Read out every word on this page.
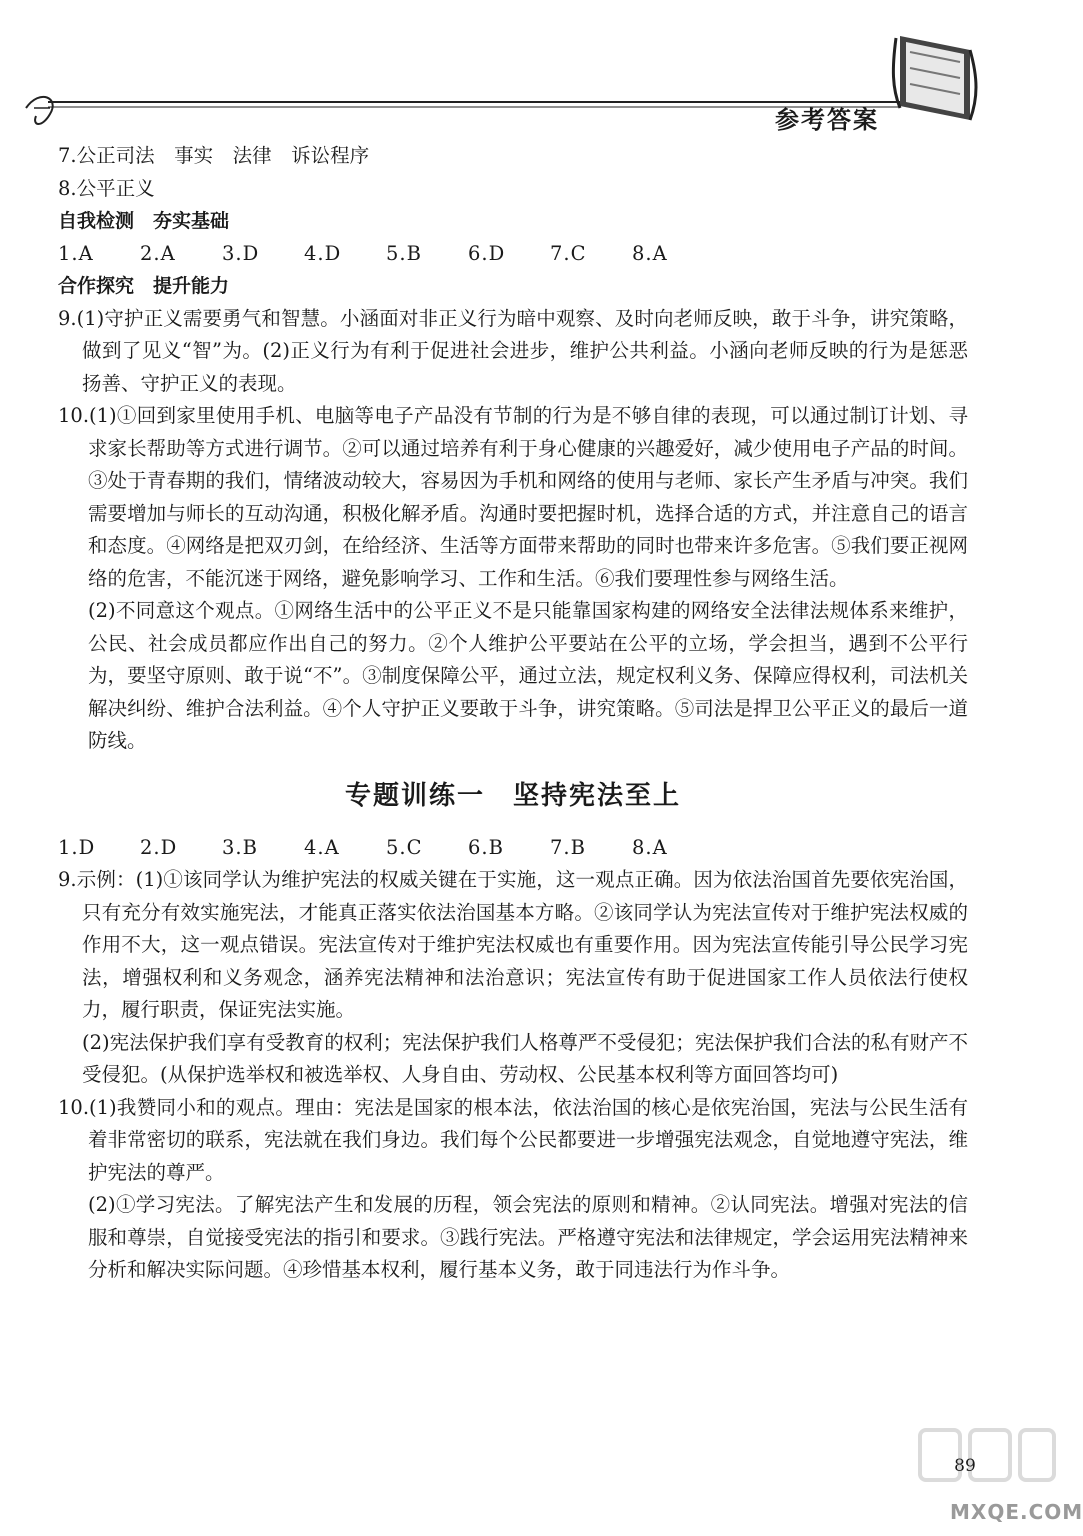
参考答案
7.公正司法　事实　法律　诉讼程序
8.公平正义
自我检测　夯实基础
1.A 2.A 3.D 4.D 5.B 6.D 7.C 8.A
合作探究　提升能力

9.(1)守护正义需要勇气和智慧。小涵面对非正义行为暗中观察、及时向老师反映，敢于斗争，讲究策略，做到了见义“智”为。(2)正义行为有利于促进社会进步，维护公共利益。小涵向老师反映的行为是惩恶扬善、守护正义的表现。

10.(1)①回到家里使用手机、电脑等电子产品没有节制的行为是不够自律的表现，可以通过制订计划、寻求家长帮助等方式进行调节。②可以通过培养有利于身心健康的兴趣爱好，减少使用电子产品的时间。③处于青春期的我们，情绪波动较大，容易因为手机和网络的使用与老师、家长产生矛盾与冲突。我们需要增加与师长的互动沟通，积极化解矛盾。沟通时要把握时机，选择合适的方式，并注意自己的语言和态度。④网络是把双刃剑，在给经济、生活等方面带来帮助的同时也带来许多危害。⑤我们要正视网络的危害，不能沉迷于网络，避免影响学习、工作和生活。⑥我们要理性参与网络生活。

(2)不同意这个观点。①网络生活中的公平正义不是只能靠国家构建的网络安全法律法规体系来维护，公民、社会成员都应作出自己的努力。②个人维护公平要站在公平的立场，学会担当，遇到不公平行为，要坚守原则、敢于说“不”。③制度保障公平，通过立法，规定权利义务、保障应得权利，司法机关解决纠纷、维护合法利益。④个人守护正义要敢于斗争，讲究策略。⑤司法是捍卫公平正义的最后一道防线。

专题训练一　坚持宪法至上
1.D 2.D 3.B 4.A 5.C 6.B 7.B 8.A

9.示例：(1)①该同学认为维护宪法的权威关键在于实施，这一观点正确。因为依法治国首先要依宪治国，只有充分有效实施宪法，才能真正落实依法治国基本方略。②该同学认为宪法宣传对于维护宪法权威的作用不大，这一观点错误。宪法宣传对于维护宪法权威也有重要作用。因为宪法宣传能引导公民学习宪法，增强权利和义务观念，涵养宪法精神和法治意识；宪法宣传有助于促进国家工作人员依法行使权力，履行职责，保证宪法实施。

(2)宪法保护我们享有受教育的权利；宪法保护我们人格尊严不受侵犯；宪法保护我们合法的私有财产不受侵犯。(从保护选举权和被选举权、人身自由、劳动权、公民基本权利等方面回答均可)

10.(1)我赞同小和的观点。理由：宪法是国家的根本法，依法治国的核心是依宪治国，宪法与公民生活有着非常密切的联系，宪法就在我们身边。我们每个公民都要进一步增强宪法观念，自觉地遵守宪法，维护宪法的尊严。

(2)①学习宪法。了解宪法产生和发展的历程，领会宪法的原则和精神。②认同宪法。增强对宪法的信服和尊崇，自觉接受宪法的指引和要求。③践行宪法。严格遵守宪法和法律规定，学会运用宪法精神来分析和解决实际问题。④珍惜基本权利，履行基本义务，敢于同违法行为作斗争。

89
MXQE.COM
